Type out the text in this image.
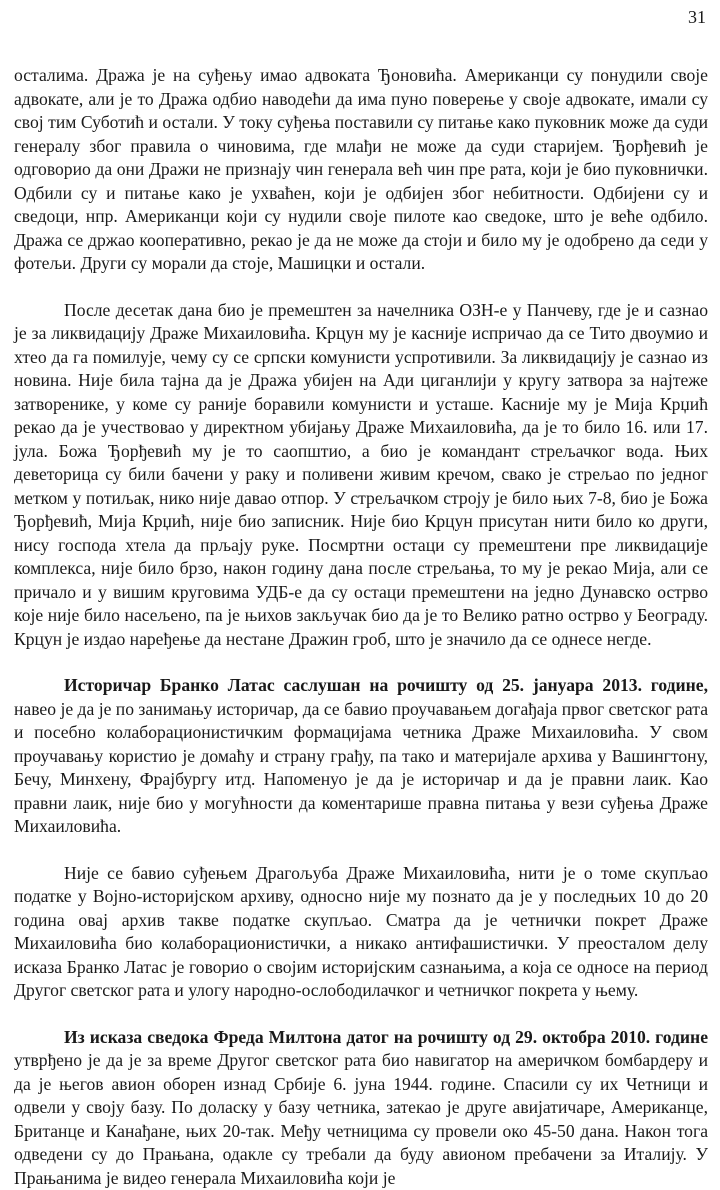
31

осталима. Дража је на суђењу имао адвоката Ђоновића. Американци су понудили своје адвокате, али је то Дража одбио наводећи да има пуно поверење у своје адвокате, имали су свој тим Суботић и остали. У току суђења поставили су питање како пуковник може да суди генералу због правила о чиновима, где млађи не може да суди старијем. Ђорђевић је одговорио да они Дражи не признају чин генерала већ чин пре рата, који је био пуковнички. Одбили су и питање како је ухваћен, који је одбијен због небитности. Одбијени су и сведоци, нпр. Американци који су нудили своје пилоте као сведоке, што је веће одбило. Дража се држао кооперативно, рекао је да не може да стоји и било му је одобрено да седи у фотељи. Други су морали да стоје, Машицки и остали.

После десетак дана био је премештен за начелника ОЗН-е у Панчеву, где је и сазнао је за ликвидацију Драже Михаиловића. Крцун му је касније испричао да се Тито двоумио и хтео да га помилује, чему су се српски комунисти успротивили. За ликвидацију је сазнао из новина. Није била тајна да је Дража убијен на Ади циганлији у кругу затвора за најтеже затворенике, у коме су раније боравили комунисти и усташе. Касније му је Мија Крџић рекао да је учествовао у директном убијању Драже Михаиловића, да је то било 16. или 17. јула. Божа Ђорђевић му је то саопштио, а био је командант стрељачког вода. Њих деветорица су били бачени у раку и поливени живим кречом, свако је стрељао по једног метком у потиљак, нико није давао отпор. У стрељачком строју је било њих 7-8, био је Божа Ђорђевић, Мија Крџић, није био записник. Није био Крцун присутан нити било ко други, нису господа хтела да прљају руке. Посмртни остаци су премештени пре ликвидације комплекса, није било брзо, након годину дана после стрељања, то му је рекао Мија, али се причало и у вишим круговима УДБ-е да су остаци премештени на једно Дунавско острво које није било насељено, па је њихов закључак био да је то Велико ратно острво у Београду. Крцун је издао наређење да нестане Дражин гроб, што је значило да се однесе негде.

Историчар Бранко Латас саслушан на рочишту од 25. јануара 2013. године, навео је да је по занимању историчар, да се бавио проучавањем догађаја првог светског рата и посебно колаборационистичким формацијама четника Драже Михаиловића. У свом проучавању користио је домаћу и страну грађу, па тако и материјале архива у Вашингтону, Бечу, Минхену, Фрајбургу итд. Напоменуо је да је историчар и да је правни лаик. Као правни лаик, није био у могућности да коментарише правна питања у вези суђења Драже Михаиловића.

Није се бавио суђењем Драгољуба Драже Михаиловића, нити је о томе скупљао податке у Војно-историјском архиву, односно није му познато да је у последњих 10 до 20 година овај архив такве податке скупљао. Сматра да је четнички покрет Драже Михаиловића био колаборационистички, а никако антифашистички. У преосталом делу исказа Бранко Латас је говорио о својим историјским сазнањима, а која се односе на период Другог светског рата и улогу народно-ослободилачког и четничког покрета у њему.

Из исказа сведока Фреда Милтона датог на рочишту од 29. октобра 2010. године утврђено је да је за време Другог светског рата био навигатор на америчком бомбардеру и да је његов авион оборен изнад Србије 6. јуна 1944. године. Спасили су их Четници и одвели у своју базу. По доласку у базу четника, затекао је друге авијатичаре, Американце, Британце и Канађане, њих 20-так. Међу четницима су провели око 45-50 дана. Након тога одведени су до Прањана, одакле су требали да буду авионом пребачени за Италију. У Прањанима је видео генерала Михаиловића који је
